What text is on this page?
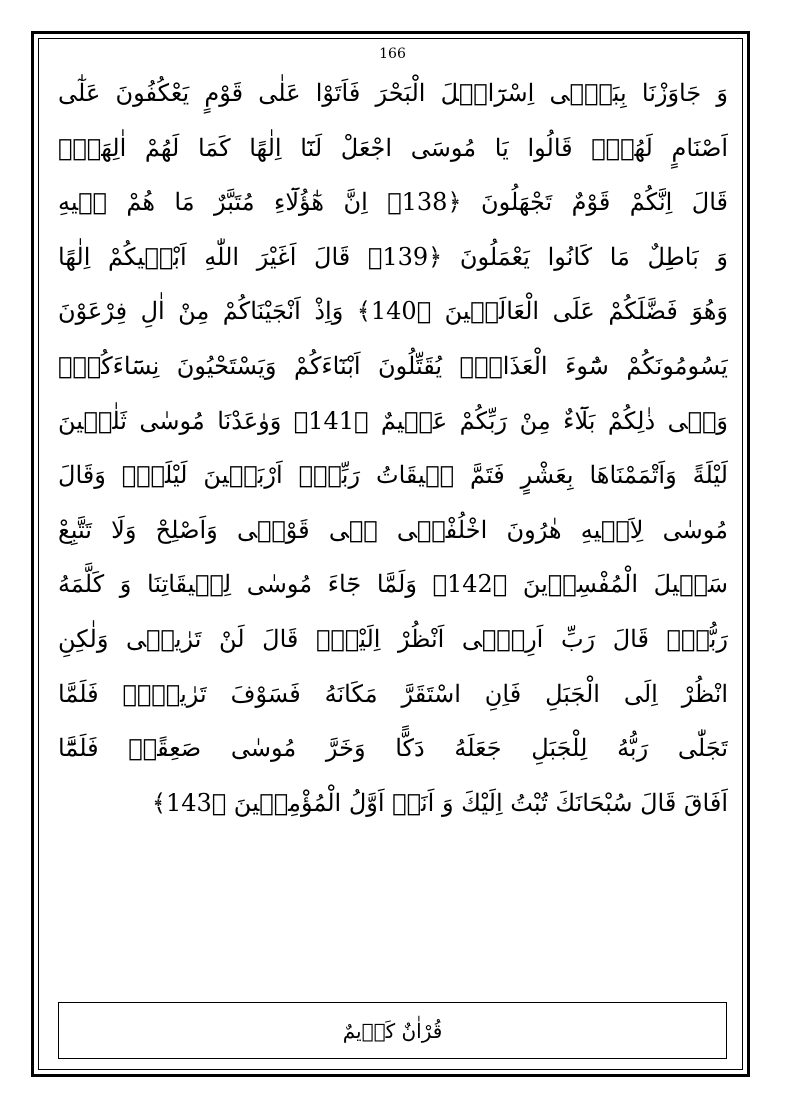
166
وَ جَاوَزْنَا بِبَنٖٓى اِسْرَٓائٖلَ الْبَحْرَ فَاَتَوْا عَلٰى قَوْمٍ يَعْكُفُونَ عَلٰٓى
اَصْنَامٍ لَهُمْۚ قَالُوا يَا مُوسَى اجْعَلْ لَنَٓا اِلٰهًا كَمَا لَهُمْ اٰلِهَةٌۜ
قَالَ اِنَّكُمْ قَوْمٌ تَجْهَلُونَ ﴿138﴾ اِنَّ هٰٓؤُلَٓاءِ مُتَبَّرٌ مَا هُمْ فٖيهِ
وَ بَاطِلٌ مَا كَانُوا يَعْمَلُونَ ﴿139﴾ قَالَ اَغَيْرَ اللّٰهِ اَبْغٖيكُمْ اِلٰهًا
وَهُوَ فَضَّلَكُمْ عَلَى الْعَالَمٖينَ ﴿140﴾ وَاِذْ اَنْجَيْنَاكُمْ مِنْ اٰلِ فِرْعَوْنَ
يَسُومُونَكُمْ سُٓوءَ الْعَذَابِۚ يُقَتِّلُونَ اَبْنَٓاءَكُمْ وَيَسْتَحْيُونَ نِسَٓاءَكُمْۜ
وَفٖى ذٰلِكُمْ بَلَٓاءٌ مِنْ رَبِّكُمْ عَظٖيمٌ ﴿141﴾ وَوٰعَدْنَا مُوسٰى ثَلٰثٖينَ
لَيْلَةً وَاَتْمَمْنَاهَا بِعَشْرٍ فَتَمَّ مٖيقَاتُ رَبِّهٖٓ اَرْبَعٖينَ لَيْلَةًۚ وَقَالَ
مُوسٰى لِاَخٖيهِ هٰرُونَ اخْلُفْنٖى فٖى قَوْمٖى وَاَصْلِحْ وَلَا تَتَّبِعْ
سَبٖيلَ الْمُفْسِدٖينَ ﴿142﴾ وَلَمَّا جَٓاءَ مُوسٰى لِمٖيقَاتِنَا وَ كَلَّمَهُ
رَبُّهُۙ قَالَ رَبِّ اَرِنٖٓى اَنْظُرْ اِلَيْكَۜ قَالَ لَنْ تَرٰينٖى وَلٰكِنِ
انْظُرْ اِلَى الْجَبَلِ فَاِنِ اسْتَقَرَّ مَكَانَهُ فَسَوْفَ تَرٰينٖىۚ فَلَمَّا
تَجَلّٰى رَبُّهُ لِلْجَبَلِ جَعَلَهُ دَكًّا وَخَرَّ مُوسٰى صَعِقًاۚ فَلَمَّٓا
اَفَاقَ قَالَ سُبْحَانَكَ تُبْتُ اِلَيْكَ وَ اَنَا۬ اَوَّلُ الْمُؤْمِنٖينَ ﴿143﴾
قُرْاٰنٌ كَرٖيمٌ
